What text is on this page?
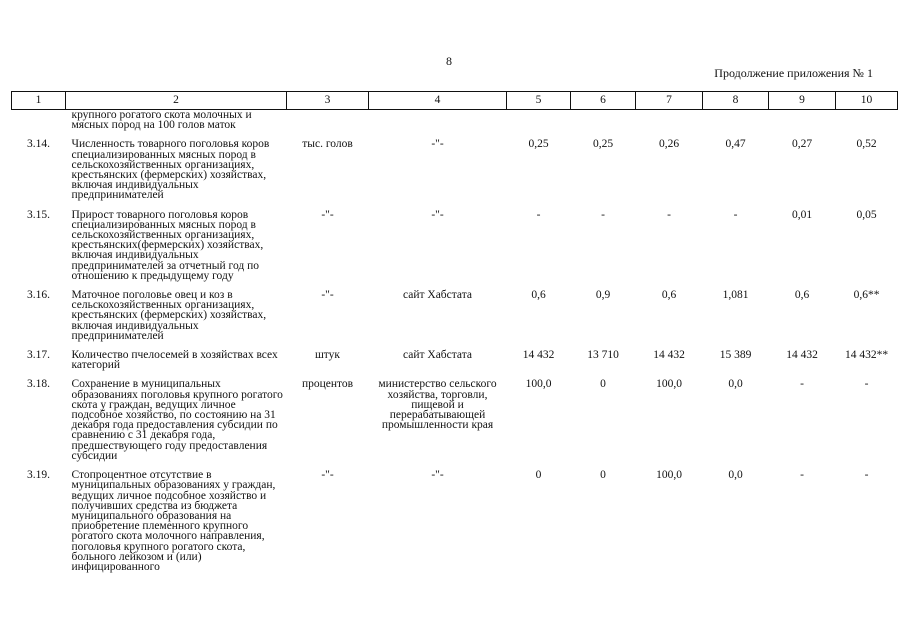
8
Продолжение приложения № 1
1	2	3	4	5	6	7	8	9	10
	крупного рогатого скота молочных и мясных пород на 100 голов маток								

3.14.	Численность товарного поголовья коров специализированных мясных пород в сельскохозяйственных организациях, крестьянских (фермерских) хозяйствах, включая индивидуальных предпринимателей	тыс. голов	-"-	0,25	0,25	0,26	0,47	0,27	0,52

3.15.	Прирост товарного поголовья коров специализированных мясных пород в сельскохозяйственных организациях, крестьянских(фермерских) хозяйствах, включая индивидуальных предпринимателей за отчетный год по отношению к предыдущему году	-"-	-"-	-	-	-	-	0,01	0,05

3.16.	Маточное поголовье овец и коз в сельскохозяйственных организациях, крестьянских (фермерских) хозяйствах, включая индивидуальных предпринимателей	-"-	сайт Хабстата	0,6	0,9	0,6	1,081	0,6	0,6**

3.17.	Количество пчелосемей в хозяйствах всех категорий	штук	сайт Хабстата	14 432	13 710	14 432	15 389	14 432	14 432**

3.18.	Сохранение в муниципальных образованиях поголовья крупного рогатого скота у граждан, ведущих личное подсобное хозяйство, по состоянию на 31 декабря года предоставления субсидии по сравнению с 31 декабря года, предшествующего году предоставления субсидии	процентов	министерство сельского хозяйства, торговли, пищевой и перерабатывающей промышленности края	100,0	0	100,0	0,0	-	-

3.19.	Стопроцентное отсутствие в муниципальных образованиях у граждан, ведущих личное подсобное хозяйство и получивших средства из бюджета муниципального образования на приобретение племенного крупного рогатого скота молочного направления, поголовья крупного рогатого скота, больного лейкозом и (или) инфицированного	-"-	-"-	0	0	100,0	0,0	-	-
